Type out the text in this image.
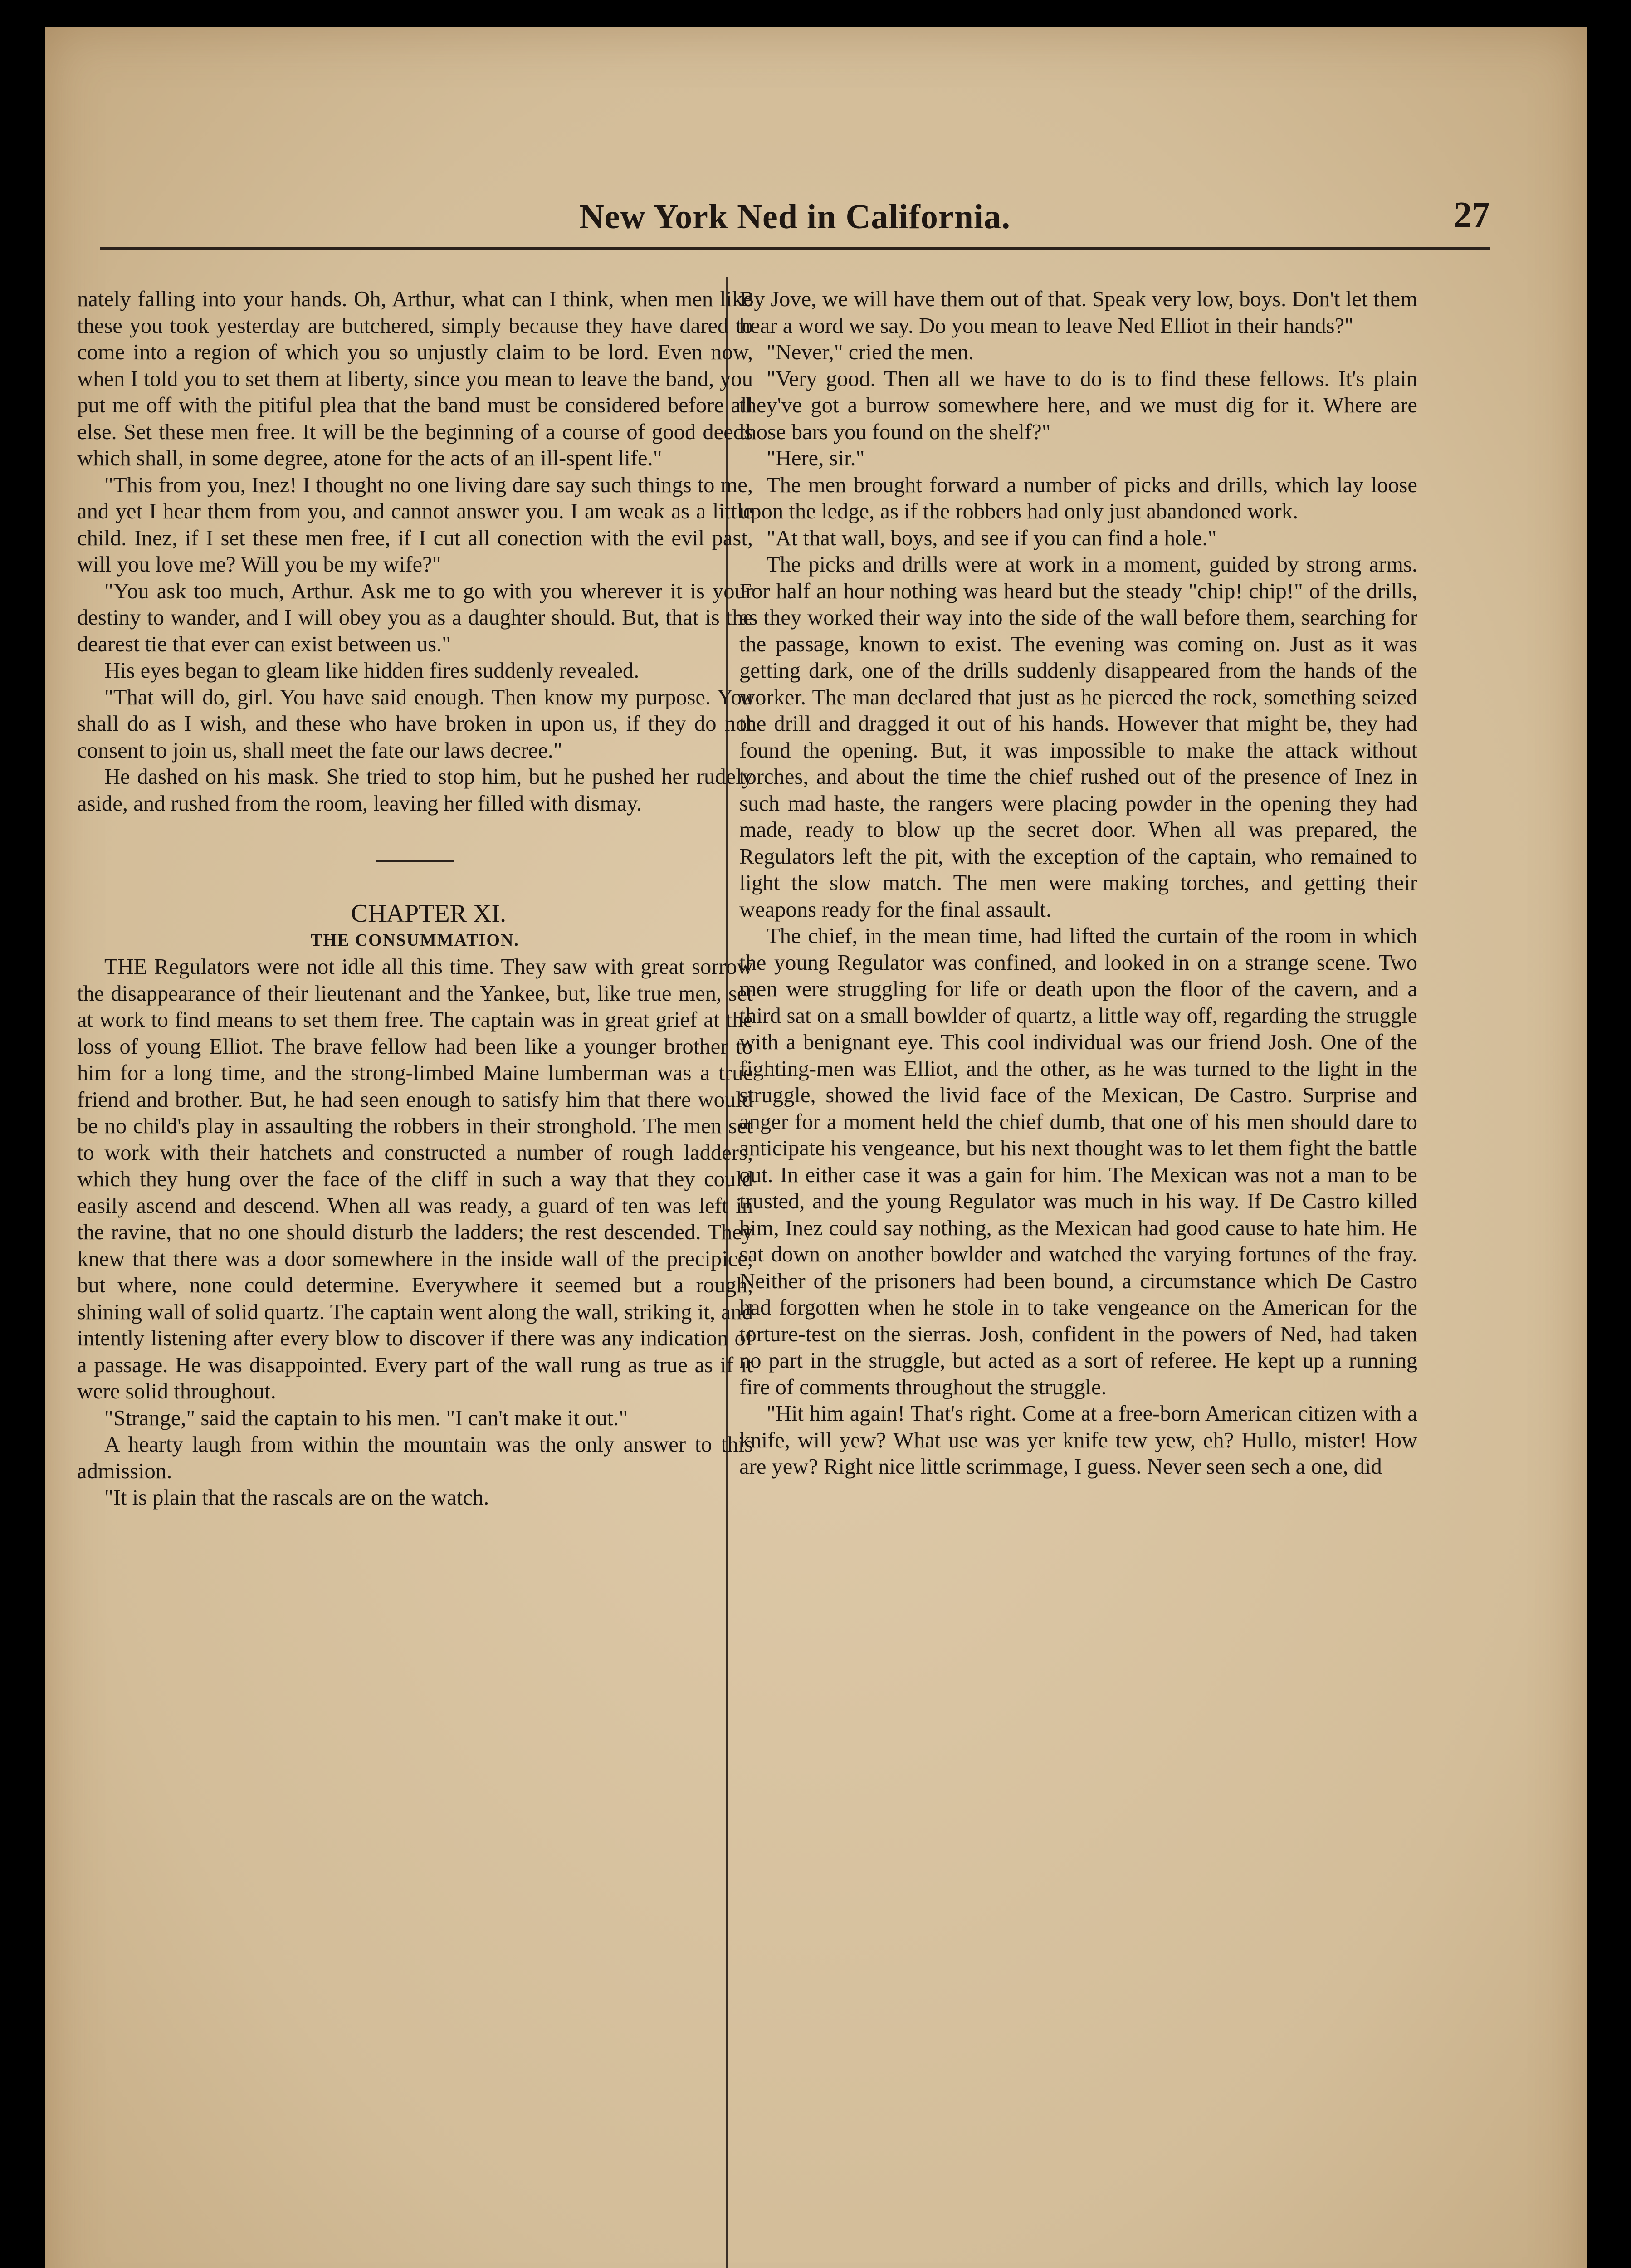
New York Ned in California.	27

nately falling into your hands. Oh, Arthur, what can I think, when men like these you took yesterday are butchered, simply because they have dared to come into a region of which you so unjustly claim to be lord. Even now, when I told you to set them at liberty, since you mean to leave the band, you put me off with the pitiful plea that the band must be considered before all else. Set these men free. It will be the beginning of a course of good deeds which shall, in some degree, atone for the acts of an ill-spent life."

"This from you, Inez! I thought no one living dare say such things to me, and yet I hear them from you, and cannot answer you. I am weak as a little child. Inez, if I set these men free, if I cut all conection with the evil past, will you love me? Will you be my wife?"

"You ask too much, Arthur. Ask me to go with you wherever it is your destiny to wander, and I will obey you as a daughter should. But, that is the dearest tie that ever can exist between us."

His eyes began to gleam like hidden fires suddenly revealed.

"That will do, girl. You have said enough. Then know my purpose. You shall do as I wish, and these who have broken in upon us, if they do not consent to join us, shall meet the fate our laws decree."

He dashed on his mask. She tried to stop him, but he pushed her rudely aside, and rushed from the room, leaving her filled with dismay.

CHAPTER XI.

THE CONSUMMATION.

THE Regulators were not idle all this time. They saw with great sorrow the disappearance of their lieutenant and the Yankee, but, like true men, set at work to find means to set them free. The captain was in great grief at the loss of young Elliot. The brave fellow had been like a younger brother to him for a long time, and the strong-limbed Maine lumberman was a true friend and brother. But, he had seen enough to satisfy him that there would be no child's play in assaulting the robbers in their stronghold. The men set to work with their hatchets and constructed a number of rough ladders, which they hung over the face of the cliff in such a way that they could easily ascend and descend. When all was ready, a guard of ten was left in the ravine, that no one should disturb the ladders; the rest descended. They knew that there was a door somewhere in the inside wall of the precipice, but where, none could determine. Everywhere it seemed but a rough, shining wall of solid quartz. The captain went along the wall, striking it, and intently listening after every blow to discover if there was any indication of a passage. He was disappointed. Every part of the wall rung as true as if it were solid throughout.

"Strange," said the captain to his men. "I can't make it out."

A hearty laugh from within the mountain was the only answer to this admission.

"It is plain that the rascals are on the watch.

By Jove, we will have them out of that. Speak very low, boys. Don't let them hear a word we say. Do you mean to leave Ned Elliot in their hands?"

"Never," cried the men.

"Very good. Then all we have to do is to find these fellows. It's plain they've got a burrow somewhere here, and we must dig for it. Where are those bars you found on the shelf?"

"Here, sir."

The men brought forward a number of picks and drills, which lay loose upon the ledge, as if the robbers had only just abandoned work.

"At that wall, boys, and see if you can find a hole."

The picks and drills were at work in a moment, guided by strong arms. For half an hour nothing was heard but the steady "chip! chip!" of the drills, as they worked their way into the side of the wall before them, searching for the passage, known to exist. The evening was coming on. Just as it was getting dark, one of the drills suddenly disappeared from the hands of the worker. The man declared that just as he pierced the rock, something seized the drill and dragged it out of his hands. However that might be, they had found the opening. But, it was impossible to make the attack without torches, and about the time the chief rushed out of the presence of Inez in such mad haste, the rangers were placing powder in the opening they had made, ready to blow up the secret door. When all was prepared, the Regulators left the pit, with the exception of the captain, who remained to light the slow match. The men were making torches, and getting their weapons ready for the final assault.

The chief, in the mean time, had lifted the curtain of the room in which the young Regulator was confined, and looked in on a strange scene. Two men were struggling for life or death upon the floor of the cavern, and a third sat on a small bowlder of quartz, a little way off, regarding the struggle with a benignant eye. This cool individual was our friend Josh. One of the fighting-men was Elliot, and the other, as he was turned to the light in the struggle, showed the livid face of the Mexican, De Castro. Surprise and anger for a moment held the chief dumb, that one of his men should dare to anticipate his vengeance, but his next thought was to let them fight the battle out. In either case it was a gain for him. The Mexican was not a man to be trusted, and the young Regulator was much in his way. If De Castro killed him, Inez could say nothing, as the Mexican had good cause to hate him. He sat down on another bowlder and watched the varying fortunes of the fray. Neither of the prisoners had been bound, a circumstance which De Castro had forgotten when he stole in to take vengeance on the American for the torture-test on the sierras. Josh, confident in the powers of Ned, had taken no part in the struggle, but acted as a sort of referee. He kept up a running fire of comments throughout the struggle.

"Hit him again! That's right. Come at a free-born American citizen with a knife, will yew? What use was yer knife tew yew, eh? Hullo, mister! How are yew? Right nice little scrimmage, I guess. Never seen sech a one, did
